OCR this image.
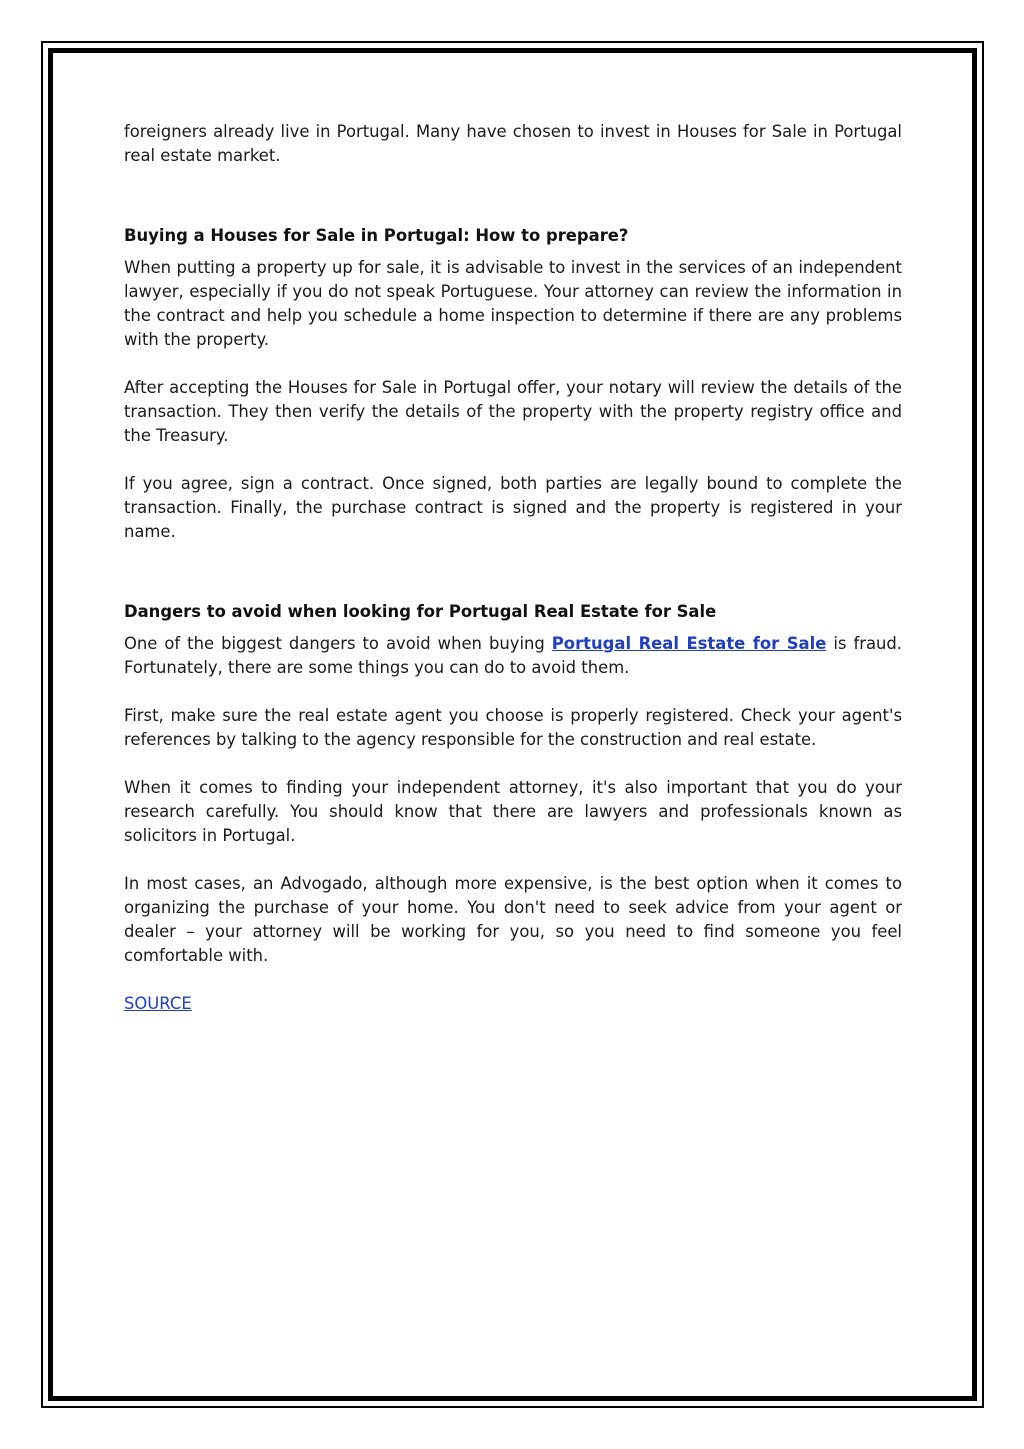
foreigners already live in Portugal. Many have chosen to invest in Houses for Sale in Portugal real estate market.

Buying a Houses for Sale in Portugal: How to prepare?

When putting a property up for sale, it is advisable to invest in the services of an independent lawyer, especially if you do not speak Portuguese. Your attorney can review the information in the contract and help you schedule a home inspection to determine if there are any problems with the property.

After accepting the Houses for Sale in Portugal offer, your notary will review the details of the transaction. They then verify the details of the property with the property registry office and the Treasury.

If you agree, sign a contract. Once signed, both parties are legally bound to complete the transaction. Finally, the purchase contract is signed and the property is registered in your name.

Dangers to avoid when looking for Portugal Real Estate for Sale

One of the biggest dangers to avoid when buying Portugal Real Estate for Sale is fraud. Fortunately, there are some things you can do to avoid them.

First, make sure the real estate agent you choose is properly registered. Check your agent's references by talking to the agency responsible for the construction and real estate.

When it comes to finding your independent attorney, it's also important that you do your research carefully. You should know that there are lawyers and professionals known as solicitors in Portugal.

In most cases, an Advogado, although more expensive, is the best option when it comes to organizing the purchase of your home. You don't need to seek advice from your agent or dealer – your attorney will be working for you, so you need to find someone you feel comfortable with.

SOURCE
